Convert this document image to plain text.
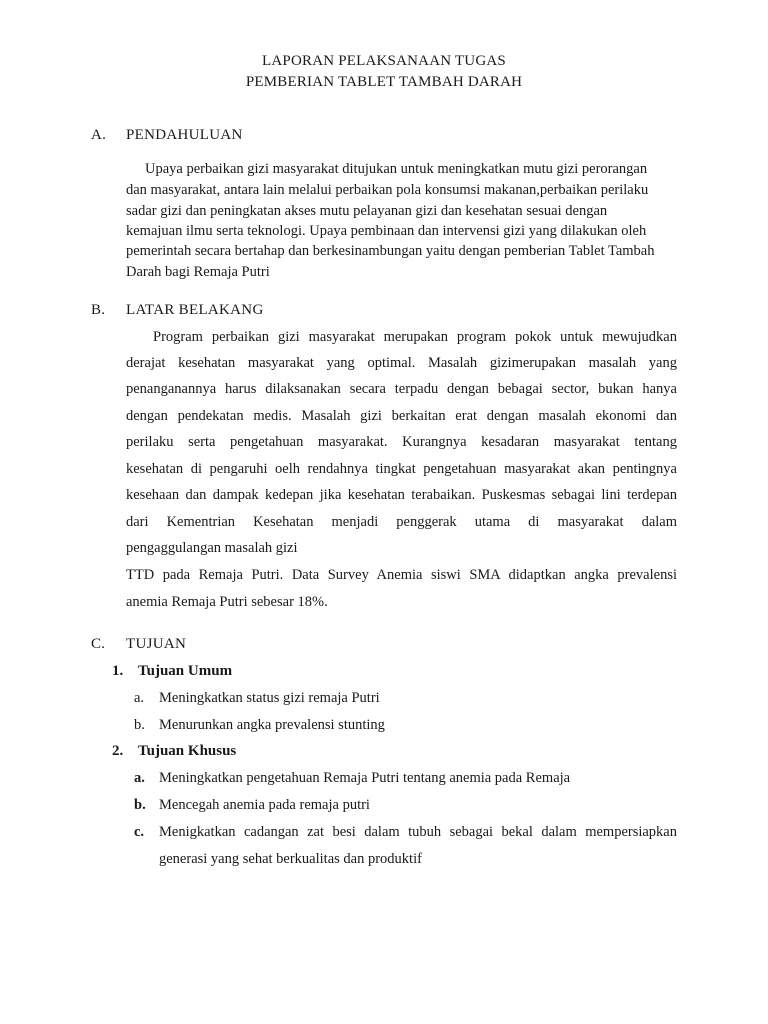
LAPORAN PELAKSANAAN TUGAS
PEMBERIAN TABLET TAMBAH DARAH
A. PENDAHULUAN
Upaya perbaikan gizi masyarakat ditujukan untuk meningkatkan mutu gizi perorangan
dan masyarakat, antara lain melalui perbaikan pola konsumsi makanan,perbaikan perilaku
sadar gizi dan peningkatan akses mutu pelayanan gizi dan kesehatan sesuai dengan
kemajuan ilmu serta teknologi. Upaya pembinaan dan intervensi gizi yang dilakukan oleh
pemerintah secara bertahap dan berkesinambungan yaitu dengan pemberian Tablet Tambah
Darah bagi Remaja Putri
B. LATAR BELAKANG
Program perbaikan gizi masyarakat merupakan program pokok untuk mewujudkan
derajat kesehatan masyarakat yang optimal. Masalah gizimerupakan masalah yang
penanganannya harus dilaksanakan secara terpadu dengan bebagai sector, bukan hanya
dengan pendekatan medis. Masalah gizi berkaitan erat dengan masalah ekonomi dan
perilaku serta pengetahuan masyarakat. Kurangnya kesadaran masyarakat tentang
kesehatan di pengaruhi oelh rendahnya tingkat pengetahuan masyarakat akan pentingnya
kesehaan dan dampak kedepan jika kesehatan terabaikan. Puskesmas sebagai lini terdepan
dari Kementrian Kesehatan menjadi penggerak utama di masyarakat dalam
pengaggulangan masalah gizi
TTD pada Remaja Putri. Data Survey Anemia siswi SMA didaptkan angka prevalensi
anemia Remaja Putri sebesar 18%.
C. TUJUAN
1. Tujuan Umum
a. Meningkatkan status gizi remaja Putri
b. Menurunkan angka prevalensi stunting
2. Tujuan Khusus
a. Meningkatkan pengetahuan Remaja Putri tentang anemia pada Remaja
b. Mencegah anemia pada remaja putri
c. Menigkatkan cadangan zat besi dalam tubuh sebagai bekal dalam mempersiapkan
generasi yang sehat berkualitas dan produktif
